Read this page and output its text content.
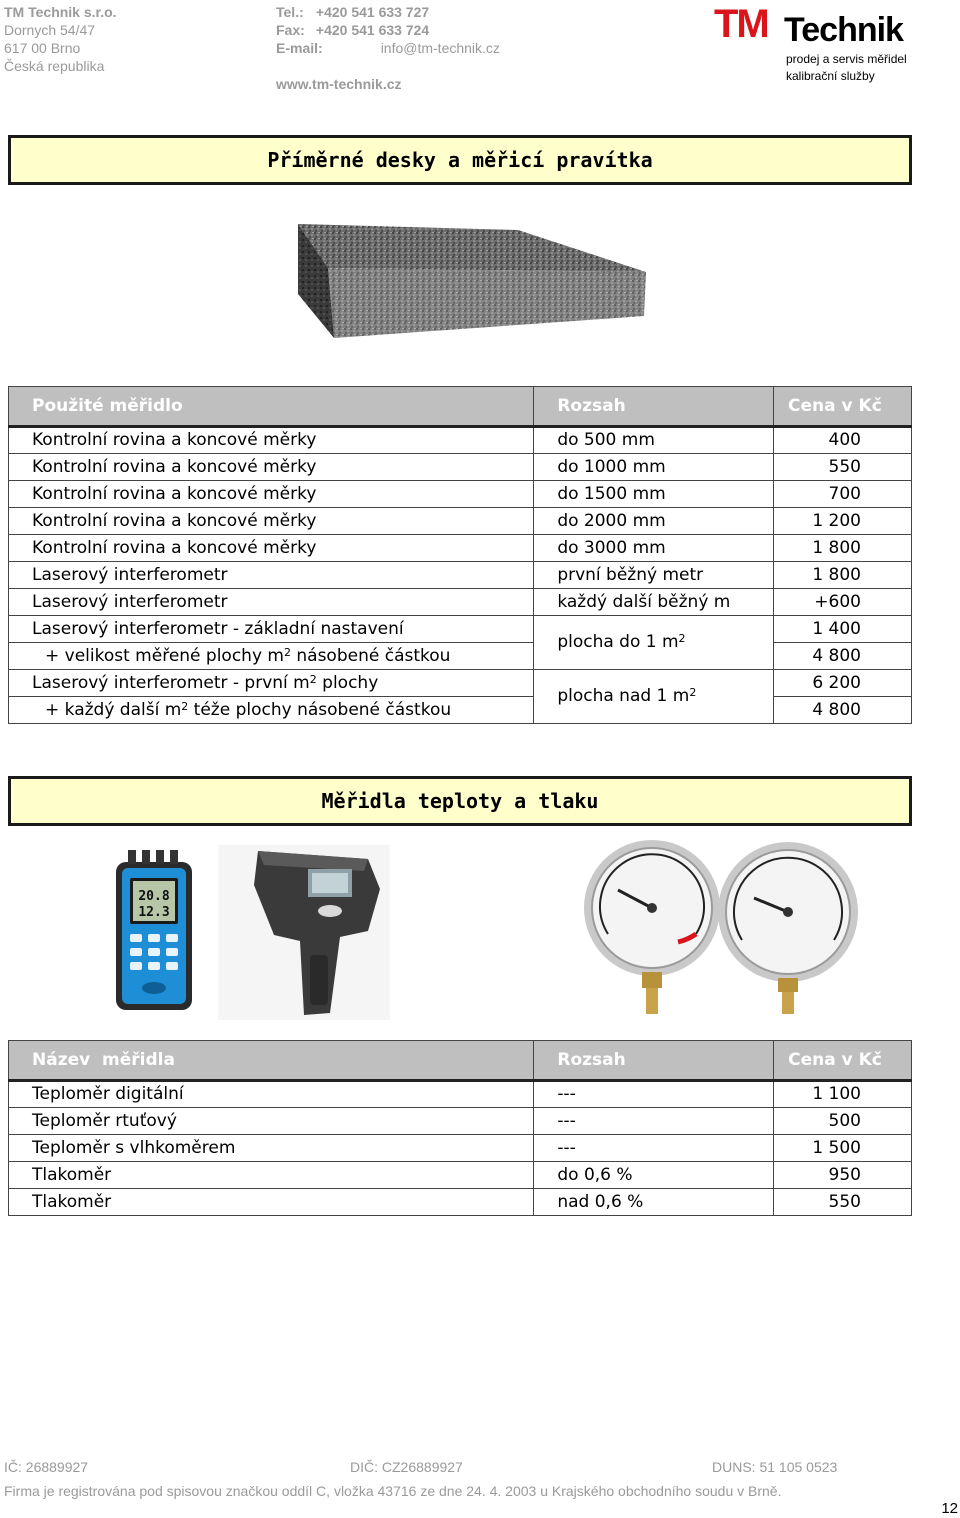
TM Technik s.r.o.
Dornych 54/47
617 00 Brno
Česká republika
Tel.: +420 541 633 727
Fax: +420 541 633 724
E-mail:	info@tm-technik.cz
www.tm-technik.cz
TM Technik
prodej a servis měřidel
kalibrační služby
Příměrné desky a měřicí pravítka
Použité měřidlo	Rozsah	Cena v Kč
Kontrolní rovina a koncové měrky	do 500 mm	400
Kontrolní rovina a koncové měrky	do 1000 mm	550
Kontrolní rovina a koncové měrky	do 1500 mm	700
Kontrolní rovina a koncové měrky	do 2000 mm	1 200
Kontrolní rovina a koncové měrky	do 3000 mm	1 800
Laserový interferometr	první běžný metr	1 800
Laserový interferometr	každý další běžný m	+600
Laserový interferometr - základní nastavení	plocha do 1 $m^2$	1 400
+ velikost měřené plochy $m^2$ násobené částkou		4 800
Laserový interferometr - první $m^2$ plochy	plocha nad 1 $m^2$	6 200
+ každý další $m^2$ téže plochy násobené částkou		4 800
Měřidla teploty a tlaku
20.8
12.3
Název  měřidla	Rozsah	Cena v Kč
Teploměr digitální	---	1 100
Teploměr rtuťový	---	500
Teploměr s vlhkoměrem	---	1 500
Tlakoměr	do 0,6 %	950
Tlakoměr	nad 0,6 %	550
IČ: 26889927	DIČ: CZ26889927	DUNS: 51 105 0523
Firma je registrována pod spisovou značkou oddíl C, vložka 43716 ze dne 24. 4. 2003 u Krajského obchodního soudu v Brně.
12
